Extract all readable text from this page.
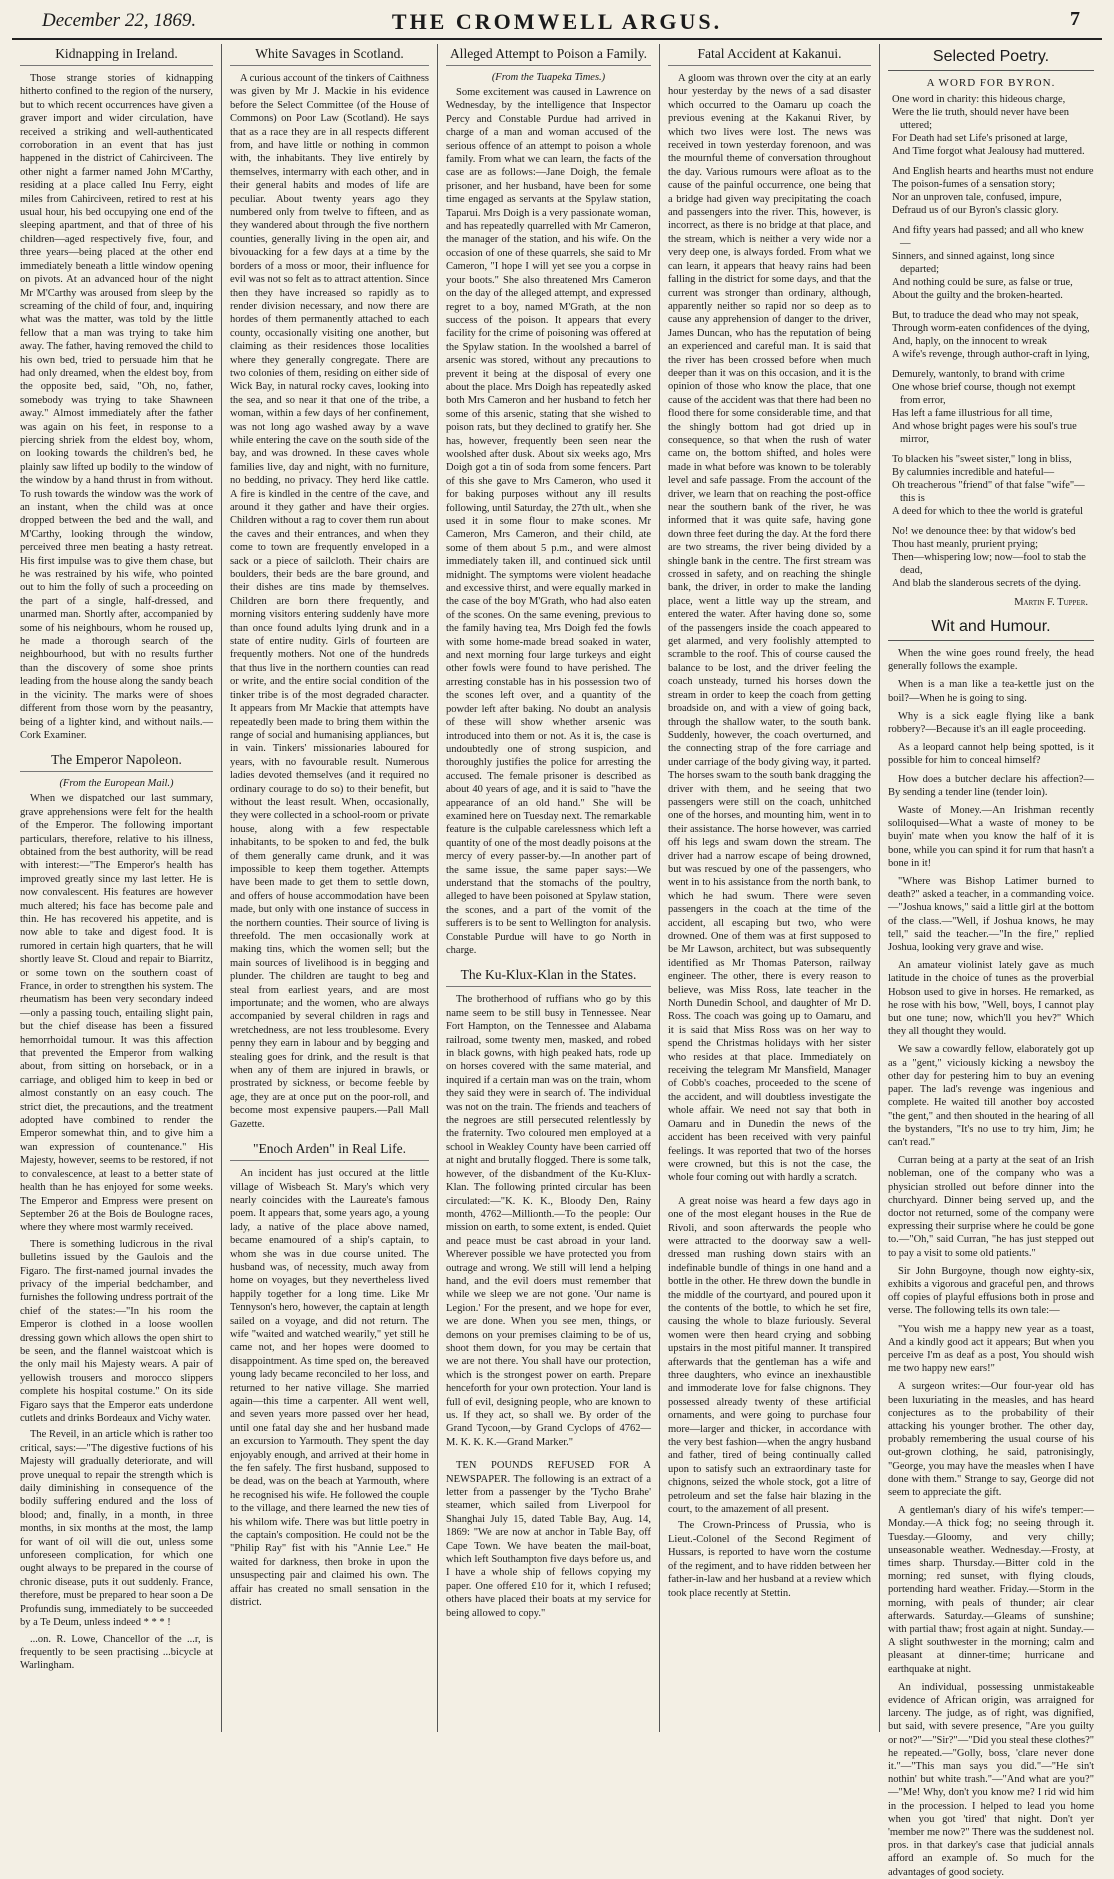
December 22, 1869.	THE CROMWELL ARGUS.	7
Kidnapping in Ireland.

Those strange stories of kidnapping hitherto confined to the region of the nursery, but to which recent occurrences have given a graver import and wider circulation, have received a striking and well-authenticated corroboration in an event that has just happened in the district of Cahirciveen. The other night a farmer named John M'Carthy, residing at a place called Inu Ferry, eight miles from Cahirciveen, retired to rest at his usual hour, his bed occupying one end of the sleeping apartment, and that of three of his children—aged respectively five, four, and three years—being placed at the other end immediately beneath a little window opening on pivots. At an advanced hour of the night Mr M'Carthy was aroused from sleep by the screaming of the child of four, and, inquiring what was the matter, was told by the little fellow that a man was trying to take him away. The father, having removed the child to his own bed, tried to persuade him that he had only dreamed, when the eldest boy, from the opposite bed, said, "Oh, no, father, somebody was trying to take Shawneen away." Almost immediately after the father was again on his feet, in response to a piercing shriek from the eldest boy, whom, on looking towards the children's bed, he plainly saw lifted up bodily to the window of the window by a hand thrust in from without. To rush towards the window was the work of an instant, when the child was at once dropped between the bed and the wall, and M'Carthy, looking through the window, perceived three men beating a hasty retreat. His first impulse was to give them chase, but he was restrained by his wife, who pointed out to him the folly of such a proceeding on the part of a single, half-dressed, and unarmed man. Shortly after, accompanied by some of his neighbours, whom he roused up, he made a thorough search of the neighbourhood, but with no results further than the discovery of some shoe prints leading from the house along the sandy beach in the vicinity. The marks were of shoes different from those worn by the peasantry, being of a lighter kind, and without nails.—Cork Examiner.

The Emperor Napoleon.
(From the European Mail.)

When we dispatched our last summary, grave apprehensions were felt for the health of the Emperor. The following important particulars, therefore, relative to his illness, obtained from the best authority, will be read with interest:—"The Emperor's health has improved greatly since my last letter. He is now convalescent. His features are however much altered; his face has become pale and thin. He has recovered his appetite, and is now able to take and digest food. It is rumored in certain high quarters, that he will shortly leave St. Cloud and repair to Biarritz, or some town on the southern coast of France, in order to strengthen his system. The rheumatism has been very secondary indeed—only a passing touch, entailing slight pain, but the chief disease has been a fissured hemorrhoidal tumour. It was this affection that prevented the Emperor from walking about, from sitting on horseback, or in a carriage, and obliged him to keep in bed or almost constantly on an easy couch. The strict diet, the precautions, and the treatment adopted have combined to render the Emperor somewhat thin, and to give him a wan expression of countenance." His Majesty, however, seems to be restored, if not to convalescence, at least to a better state of health than he has enjoyed for some weeks. The Emperor and Empress were present on September 26 at the Bois de Boulogne races, where they where most warmly received.

There is something ludicrous in the rival bulletins issued by the Gaulois and the Figaro. The first-named journal invades the privacy of the imperial bedchamber, and furnishes the following undress portrait of the chief of the states:—"In his room the Emperor is clothed in a loose woollen dressing gown which allows the open shirt to be seen, and the flannel waistcoat which is the only mail his Majesty wears. A pair of yellowish trousers and morocco slippers complete his hospital costume." On its side Figaro says that the Emperor eats underdone cutlets and drinks Bordeaux and Vichy water.

The Reveil, in an article which is rather too critical, says:—"The digestive fuctions of his Majesty will gradually deteriorate, and will prove unequal to repair the strength which is daily diminishing in consequence of the bodily suffering endured and the loss of blood; and, finally, in a month, in three months, in six months at the most, the lamp for want of oil will die out, unless some unforeseen complication, for which one ought always to be prepared in the course of chronic disease, puts it out suddenly. France, therefore, must be prepared to hear soon a De Profundis sung, immediately to be succeeded by a Te Deum, unless indeed * * * !

...on. R. Lowe, Chancellor of the ...r, is frequently to be seen practising ...bicycle at Warlingham.

White Savages in Scotland.

A curious account of the tinkers of Caithness was given by Mr J. Mackie in his evidence before the Select Committee (of the House of Commons) on Poor Law (Scotland). He says that as a race they are in all respects different from, and have little or nothing in common with, the inhabitants. They live entirely by themselves, intermarry with each other, and in their general habits and modes of life are peculiar. About twenty years ago they numbered only from twelve to fifteen, and as they wandered about through the five northern counties, generally living in the open air, and bivouacking for a few days at a time by the borders of a moss or moor, their influence for evil was not so felt as to attract attention. Since then they have increased so rapidly as to render division necessary, and now there are hordes of them permanently attached to each county, occasionally visiting one another, but claiming as their residences those localities where they generally congregate. There are two colonies of them, residing on either side of Wick Bay, in natural rocky caves, looking into the sea, and so near it that one of the tribe, a woman, within a few days of her confinement, was not long ago washed away by a wave while entering the cave on the south side of the bay, and was drowned. In these caves whole families live, day and night, with no furniture, no bedding, no privacy. They herd like cattle. A fire is kindled in the centre of the cave, and around it they gather and have their orgies. Children without a rag to cover them run about the caves and their entrances, and when they come to town are frequently enveloped in a sack or a piece of sailcloth. Their chairs are boulders, their beds are the bare ground, and their dishes are tins made by themselves. Children are born there frequently, and morning visitors entering suddenly have more than once found adults lying drunk and in a state of entire nudity. Girls of fourteen are frequently mothers. Not one of the hundreds that thus live in the northern counties can read or write, and the entire social condition of the tinker tribe is of the most degraded character. It appears from Mr Mackie that attempts have repeatedly been made to bring them within the range of social and humanising appliances, but in vain. Tinkers' missionaries laboured for years, with no favourable result. Numerous ladies devoted themselves (and it required no ordinary courage to do so) to their benefit, but without the least result. When, occasionally, they were collected in a school-room or private house, along with a few respectable inhabitants, to be spoken to and fed, the bulk of them generally came drunk, and it was impossible to keep them together. Attempts have been made to get them to settle down, and offers of house accommodation have been made, but only with one instance of success in the northern counties. Their source of living is threefold. The men occasionally work at making tins, which the women sell; but the main sources of livelihood is in begging and plunder. The children are taught to beg and steal from earliest years, and are most importunate; and the women, who are always accompanied by several children in rags and wretchedness, are not less troublesome. Every penny they earn in labour and by begging and stealing goes for drink, and the result is that when any of them are injured in brawls, or prostrated by sickness, or become feeble by age, they are at once put on the poor-roll, and become most expensive paupers.—Pall Mall Gazette.

"Enoch Arden" in Real Life.

An incident has just occured at the little village of Wisbeach St. Mary's which very nearly coincides with the Laureate's famous poem. It appears that, some years ago, a young lady, a native of the place above named, became enamoured of a ship's captain, to whom she was in due course united. The husband was, of necessity, much away from home on voyages, but they nevertheless lived happily together for a long time. Like Mr Tennyson's hero, however, the captain at length sailed on a voyage, and did not return. The wife "waited and watched wearily," yet still he came not, and her hopes were doomed to disappointment. As time sped on, the bereaved young lady became reconciled to her loss, and returned to her native village. She married again—this time a carpenter. All went well, and seven years more passed over her head, until one fatal day she and her husband made an excursion to Yarmouth. They spent the day enjoyably enough, and arrived at their home in the fen safely. The first husband, supposed to be dead, was on the beach at Yarmouth, where he recognised his wife. He followed the couple to the village, and there learned the new ties of his whilom wife. There was but little poetry in the captain's composition. He could not be the "Philip Ray" fist with his "Annie Lee." He waited for darkness, then broke in upon the unsuspecting pair and claimed his own. The affair has created no small sensation in the district.

Alleged Attempt to Poison a Family.
(From the Tuapeka Times.)

Some excitement was caused in Lawrence on Wednesday, by the intelligence that Inspector Percy and Constable Purdue had arrived in charge of a man and woman accused of the serious offence of an attempt to poison a whole family. From what we can learn, the facts of the case are as follows:—Jane Doigh, the female prisoner, and her husband, have been for some time engaged as servants at the Spylaw station, Taparui. Mrs Doigh is a very passionate woman, and has repeatedly quarrelled with Mr Cameron, the manager of the station, and his wife. On the occasion of one of these quarrels, she said to Mr Cameron, "I hope I will yet see you a corpse in your boots." She also threatened Mrs Cameron on the day of the alleged attempt, and expressed regret to a boy, named M'Grath, at the non success of the poison. It appears that every facility for the crime of poisoning was offered at the Spylaw station. In the woolshed a barrel of arsenic was stored, without any precautions to prevent it being at the disposal of every one about the place. Mrs Doigh has repeatedly asked both Mrs Cameron and her husband to fetch her some of this arsenic, stating that she wished to poison rats, but they declined to gratify her. She has, however, frequently been seen near the woolshed after dusk. About six weeks ago, Mrs Doigh got a tin of soda from some fencers. Part of this she gave to Mrs Cameron, who used it for baking purposes without any ill results following, until Saturday, the 27th ult., when she used it in some flour to make scones. Mr Cameron, Mrs Cameron, and their child, ate some of them about 5 p.m., and were almost immediately taken ill, and continued sick until midnight. The symptoms were violent headache and excessive thirst, and were equally marked in the case of the boy M'Grath, who had also eaten of the scones. On the same evening, previous to the family having tea, Mrs Doigh fed the fowls with some home-made bread soaked in water, and next morning four large turkeys and eight other fowls were found to have perished. The arresting constable has in his possession two of the scones left over, and a quantity of the powder left after baking. No doubt an analysis of these will show whether arsenic was introduced into them or not. As it is, the case is undoubtedly one of strong suspicion, and thoroughly justifies the police for arresting the accused. The female prisoner is described as about 40 years of age, and it is said to "have the appearance of an old hand." She will be examined here on Tuesday next. The remarkable feature is the culpable carelessness which left a quantity of one of the most deadly poisons at the mercy of every passer-by.—In another part of the same issue, the same paper says:—We understand that the stomachs of the poultry, alleged to have been poisoned at Spylaw station, the scones, and a part of the vomit of the sufferers is to be sent to Wellington for analysis. Constable Purdue will have to go North in charge.

The Ku-Klux-Klan in the States.

The brotherhood of ruffians who go by this name seem to be still busy in Tennessee. Near Fort Hampton, on the Tennessee and Alabama railroad, some twenty men, masked, and robed in black gowns, with high peaked hats, rode up on horses covered with the same material, and inquired if a certain man was on the train, whom they said they were in search of. The individual was not on the train. The friends and teachers of the negroes are still persecuted relentlessly by the fraternity. Two coloured men employed at a school in Weakley County have been carried off at night and brutally flogged. There is some talk, however, of the disbandment of the Ku-Klux-Klan. The following printed circular has been circulated:—"K. K. K., Bloody Den, Rainy month, 4762—Millionth.—To the people: Our mission on earth, to some extent, is ended. Quiet and peace must be cast abroad in your land. Wherever possible we have protected you from outrage and wrong. We still will lend a helping hand, and the evil doers must remember that while we sleep we are not gone. 'Our name is Legion.' For the present, and we hope for ever, we are done. When you see men, things, or demons on your premises claiming to be of us, shoot them down, for you may be certain that we are not there. You shall have our protection, which is the strongest power on earth. Prepare henceforth for your own protection. Your land is full of evil, designing people, who are known to us. If they act, so shall we. By order of the Grand Tycoon,—by Grand Cyclops of 4762—M. K. K. K.—Grand Marker."

TEN POUNDS REFUSED FOR A NEWSPAPER. The following is an extract of a letter from a passenger by the 'Tycho Brahe' steamer, which sailed from Liverpool for Shanghai July 15, dated Table Bay, Aug. 14, 1869: "We are now at anchor in Table Bay, off Cape Town. We have beaten the mail-boat, which left Southampton five days before us, and I have a whole ship of fellows copying my paper. One offered £10 for it, which I refused; others have placed their boats at my service for being allowed to copy."

Fatal Accident at Kakanui.

A gloom was thrown over the city at an early hour yesterday by the news of a sad disaster which occurred to the Oamaru up coach the previous evening at the Kakanui River, by which two lives were lost. The news was received in town yesterday forenoon, and was the mournful theme of conversation throughout the day. Various rumours were afloat as to the cause of the painful occurrence, one being that a bridge had given way precipitating the coach and passengers into the river. This, however, is incorrect, as there is no bridge at that place, and the stream, which is neither a very wide nor a very deep one, is always forded. From what we can learn, it appears that heavy rains had been falling in the district for some days, and that the current was stronger than ordinary, although, apparently neither so rapid nor so deep as to cause any apprehension of danger to the driver, James Duncan, who has the reputation of being an experienced and careful man. It is said that the river has been crossed before when much deeper than it was on this occasion, and it is the opinion of those who know the place, that one cause of the accident was that there had been no flood there for some considerable time, and that the shingly bottom had got dried up in consequence, so that when the rush of water came on, the bottom shifted, and holes were made in what before was known to be tolerably level and safe passage. From the account of the driver, we learn that on reaching the post-office near the southern bank of the river, he was informed that it was quite safe, having gone down three feet during the day. At the ford there are two streams, the river being divided by a shingle bank in the centre. The first stream was crossed in safety, and on reaching the shingle bank, the driver, in order to make the landing place, went a little way up the stream, and entered the water. After having done so, some of the passengers inside the coach appeared to get alarmed, and very foolishly attempted to scramble to the roof. This of course caused the balance to be lost, and the driver feeling the coach unsteady, turned his horses down the stream in order to keep the coach from getting broadside on, and with a view of going back, through the shallow water, to the south bank. Suddenly, however, the coach overturned, and the connecting strap of the fore carriage and under carriage of the body giving way, it parted. The horses swam to the south bank dragging the driver with them, and he seeing that two passengers were still on the coach, unhitched one of the horses, and mounting him, went in to their assistance. The horse however, was carried off his legs and swam down the stream. The driver had a narrow escape of being drowned, but was rescued by one of the passengers, who went in to his assistance from the north bank, to which he had swum. There were seven passengers in the coach at the time of the accident, all escaping but two, who were drowned. One of them was at first supposed to be Mr Lawson, architect, but was subsequently identified as Mr Thomas Paterson, railway engineer. The other, there is every reason to believe, was Miss Ross, late teacher in the North Dunedin School, and daughter of Mr D. Ross. The coach was going up to Oamaru, and it is said that Miss Ross was on her way to spend the Christmas holidays with her sister who resides at that place. Immediately on receiving the telegram Mr Mansfield, Manager of Cobb's coaches, proceeded to the scene of the accident, and will doubtless investigate the whole affair. We need not say that both in Oamaru and in Dunedin the news of the accident has been received with very painful feelings. It was reported that two of the horses were crowned, but this is not the case, the whole four coming out with hardly a scratch.

A great noise was heard a few days ago in one of the most elegant houses in the Rue de Rivoli, and soon afterwards the people who were attracted to the doorway saw a well-dressed man rushing down stairs with an indefinable bundle of things in one hand and a bottle in the other. He threw down the bundle in the middle of the courtyard, and poured upon it the contents of the bottle, to which he set fire, causing the whole to blaze furiously. Several women were then heard crying and sobbing upstairs in the most pitiful manner. It transpired afterwards that the gentleman has a wife and three daughters, who evince an inexhaustible and immoderate love for false chignons. They possessed already twenty of these artificial ornaments, and were going to purchase four more—larger and thicker, in accordance with the very best fashion—when the angry husband and father, tired of being continually called upon to satisfy such an extraordinary taste for chignons, seized the whole stock, got a litre of petroleum and set the false hair blazing in the court, to the amazement of all present.

The Crown-Princess of Prussia, who is Lieut.-Colonel of the Second Regiment of Hussars, is reported to have worn the costume of the regiment, and to have ridden between her father-in-law and her husband at a review which took place recently at Stettin.

Selected Poetry.
A WORD FOR BYRON.
One word in charity: this hideous charge,
Were the lie truth, should never have been uttered;
For Death had set Life's prisoned at large,
And Time forgot what Jealousy had muttered.
And English hearts and hearths must not endure
The poison-fumes of a sensation story;
Nor an unproven tale, confused, impure,
Defraud us of our Byron's classic glory.
And fifty years had passed; and all who knew—
Sinners, and sinned against, long since departed;
And nothing could be sure, as false or true,
About the guilty and the broken-hearted.
But, to traduce the dead who may not speak,
Through worm-eaten confidences of the dying,
And, haply, on the innocent to wreak
A wife's revenge, through author-craft in lying,
Demurely, wantonly, to brand with crime
One whose brief course, though not exempt from error,
Has left a fame illustrious for all time,
And whose bright pages were his soul's true mirror,
To blacken his "sweet sister," long in bliss,
By calumnies incredible and hateful—
Oh treacherous "friend" of that false "wife"—this is
A deed for which to thee the world is grateful
No! we denounce thee: by that widow's bed
Thou hast meanly, prurient prying;
Then—whispering low; now—fool to stab the dead,
And blab the slanderous secrets of the dying.
Martin F. Tupper.
Wit and Humour.

When the wine goes round freely, the head generally follows the example.

When is a man like a tea-kettle just on the boil?—When he is going to sing.

Why is a sick eagle flying like a bank robbery?—Because it's an ill eagle proceeding.

As a leopard cannot help being spotted, is it possible for him to conceal himself?

How does a butcher declare his affection?—By sending a tender line (tender loin).

Waste of Money.—An Irishman recently soliloquised—What a waste of money to be buyin' mate when you know the half of it is bone, while you can spind it for rum that hasn't a bone in it!

"Where was Bishop Latimer burned to death?" asked a teacher, in a commanding voice.—"Joshua knows," said a little girl at the bottom of the class.—"Well, if Joshua knows, he may tell," said the teacher.—"In the fire," replied Joshua, looking very grave and wise.

An amateur violinist lately gave as much latitude in the choice of tunes as the proverbial Hobson used to give in horses. He remarked, as he rose with his bow, "Well, boys, I cannot play but one tune; now, which'll you hev?" Which they all thought they would.

We saw a cowardly fellow, elaborately got up as a "gent," viciously kicking a newsboy the other day for pestering him to buy an evening paper. The lad's revenge was ingenious and complete. He waited till another boy accosted "the gent," and then shouted in the hearing of all the bystanders, "It's no use to try him, Jim; he can't read."

Curran being at a party at the seat of an Irish nobleman, one of the company who was a physician strolled out before dinner into the churchyard. Dinner being served up, and the doctor not returned, some of the company were expressing their surprise where he could be gone to.—"Oh," said Curran, "he has just stepped out to pay a visit to some old patients."

Sir John Burgoyne, though now eighty-six, exhibits a vigorous and graceful pen, and throws off copies of playful effusions both in prose and verse. The following tells its own tale:—

"You wish me a happy new year as a toast, And a kindly good act it appears; But when you perceive I'm as deaf as a post, You should wish me two happy new ears!"

A surgeon writes:—Our four-year old has been luxuriating in the measles, and has heard conjectures as to the probability of their attacking his younger brother. The other day, probably remembering the usual course of his out-grown clothing, he said, patronisingly, "George, you may have the measles when I have done with them." Strange to say, George did not seem to appreciate the gift.

A gentleman's diary of his wife's temper:—Monday.—A thick fog; no seeing through it. Tuesday.—Gloomy, and very chilly; unseasonable weather. Wednesday.—Frosty, at times sharp. Thursday.—Bitter cold in the morning; red sunset, with flying clouds, portending hard weather. Friday.—Storm in the morning, with peals of thunder; air clear afterwards. Saturday.—Gleams of sunshine; with partial thaw; frost again at night. Sunday.—A slight southwester in the morning; calm and pleasant at dinner-time; hurricane and earthquake at night.

An individual, possessing unmistakeable evidence of African origin, was arraigned for larceny. The judge, as of right, was dignified, but said, with severe presence, "Are you guilty or not?"—"Sir?"—"Did you steal these clothes?" he repeated.—"Golly, boss, 'clare never done it."—"This man says you did."—"He sin't nothin' but white trash."—"And what are you?" —"Me! Why, don't you know me? I rid wid him in the procession. I helped to lead you home when you got 'tired' that night. Don't yer 'member me now?" There was the suddenest nol. pros. in that darkey's case that judicial annals afford an example of. So much for the advantages of good society.
